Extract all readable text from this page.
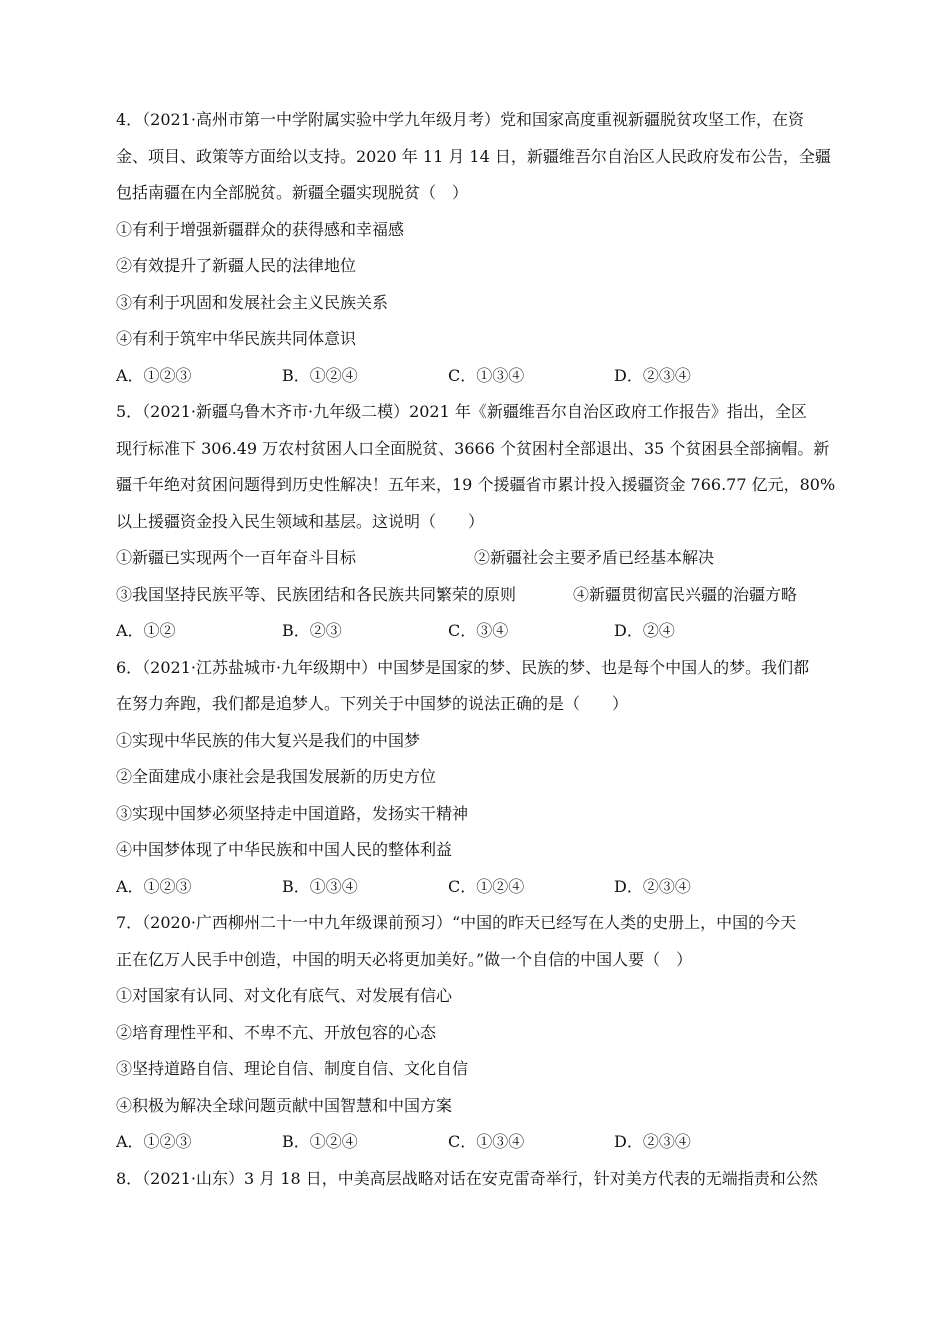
4．（2021·高州市第一中学附属实验中学九年级月考）党和国家高度重视新疆脱贫攻坚工作，在资

金、项目、政策等方面给以支持。2020 年 11 月 14 日，新疆维吾尔自治区人民政府发布公告，全疆

包括南疆在内全部脱贫。新疆全疆实现脱贫（　）

①有利于增强新疆群众的获得感和幸福感

②有效提升了新疆人民的法律地位

③有利于巩固和发展社会主义民族关系

④有利于筑牢中华民族共同体意识

A．①②③	B．①②④	C．①③④	D．②③④

5．（2021·新疆乌鲁木齐市·九年级二模）2021 年《新疆维吾尔自治区政府工作报告》指出，全区

现行标准下 306.49 万农村贫困人口全面脱贫、3666 个贫困村全部退出、35 个贫困县全部摘帽。新

疆千年绝对贫困问题得到历史性解决！五年来，19 个援疆省市累计投入援疆资金 766.77 亿元，80%

以上援疆资金投入民生领域和基层。这说明（　　）

①新疆已实现两个一百年奋斗目标	②新疆社会主要矛盾已经基本解决
③我国坚持民族平等、民族团结和各民族共同繁荣的原则	④新疆贯彻富民兴疆的治疆方略
A．①②	B．②③	C．③④	D．②④

6．（2021·江苏盐城市·九年级期中）中国梦是国家的梦、民族的梦、也是每个中国人的梦。我们都

在努力奔跑，我们都是追梦人。下列关于中国梦的说法正确的是（　　）

①实现中华民族的伟大复兴是我们的中国梦

②全面建成小康社会是我国发展新的历史方位

③实现中国梦必须坚持走中国道路，发扬实干精神

④中国梦体现了中华民族和中国人民的整体利益

A．①②③	B．①③④	C．①②④	D．②③④

7．（2020·广西柳州二十一中九年级课前预习）“中国的昨天已经写在人类的史册上，中国的今天

正在亿万人民手中创造，中国的明天必将更加美好。”做一个自信的中国人要（　）

①对国家有认同、对文化有底气、对发展有信心

②培育理性平和、不卑不亢、开放包容的心态

③坚持道路自信、理论自信、制度自信、文化自信

④积极为解决全球问题贡献中国智慧和中国方案

A．①②③	B．①②④	C．①③④	D．②③④

8．（2021·山东）3 月 18 日，中美高层战略对话在安克雷奇举行，针对美方代表的无端指责和公然
